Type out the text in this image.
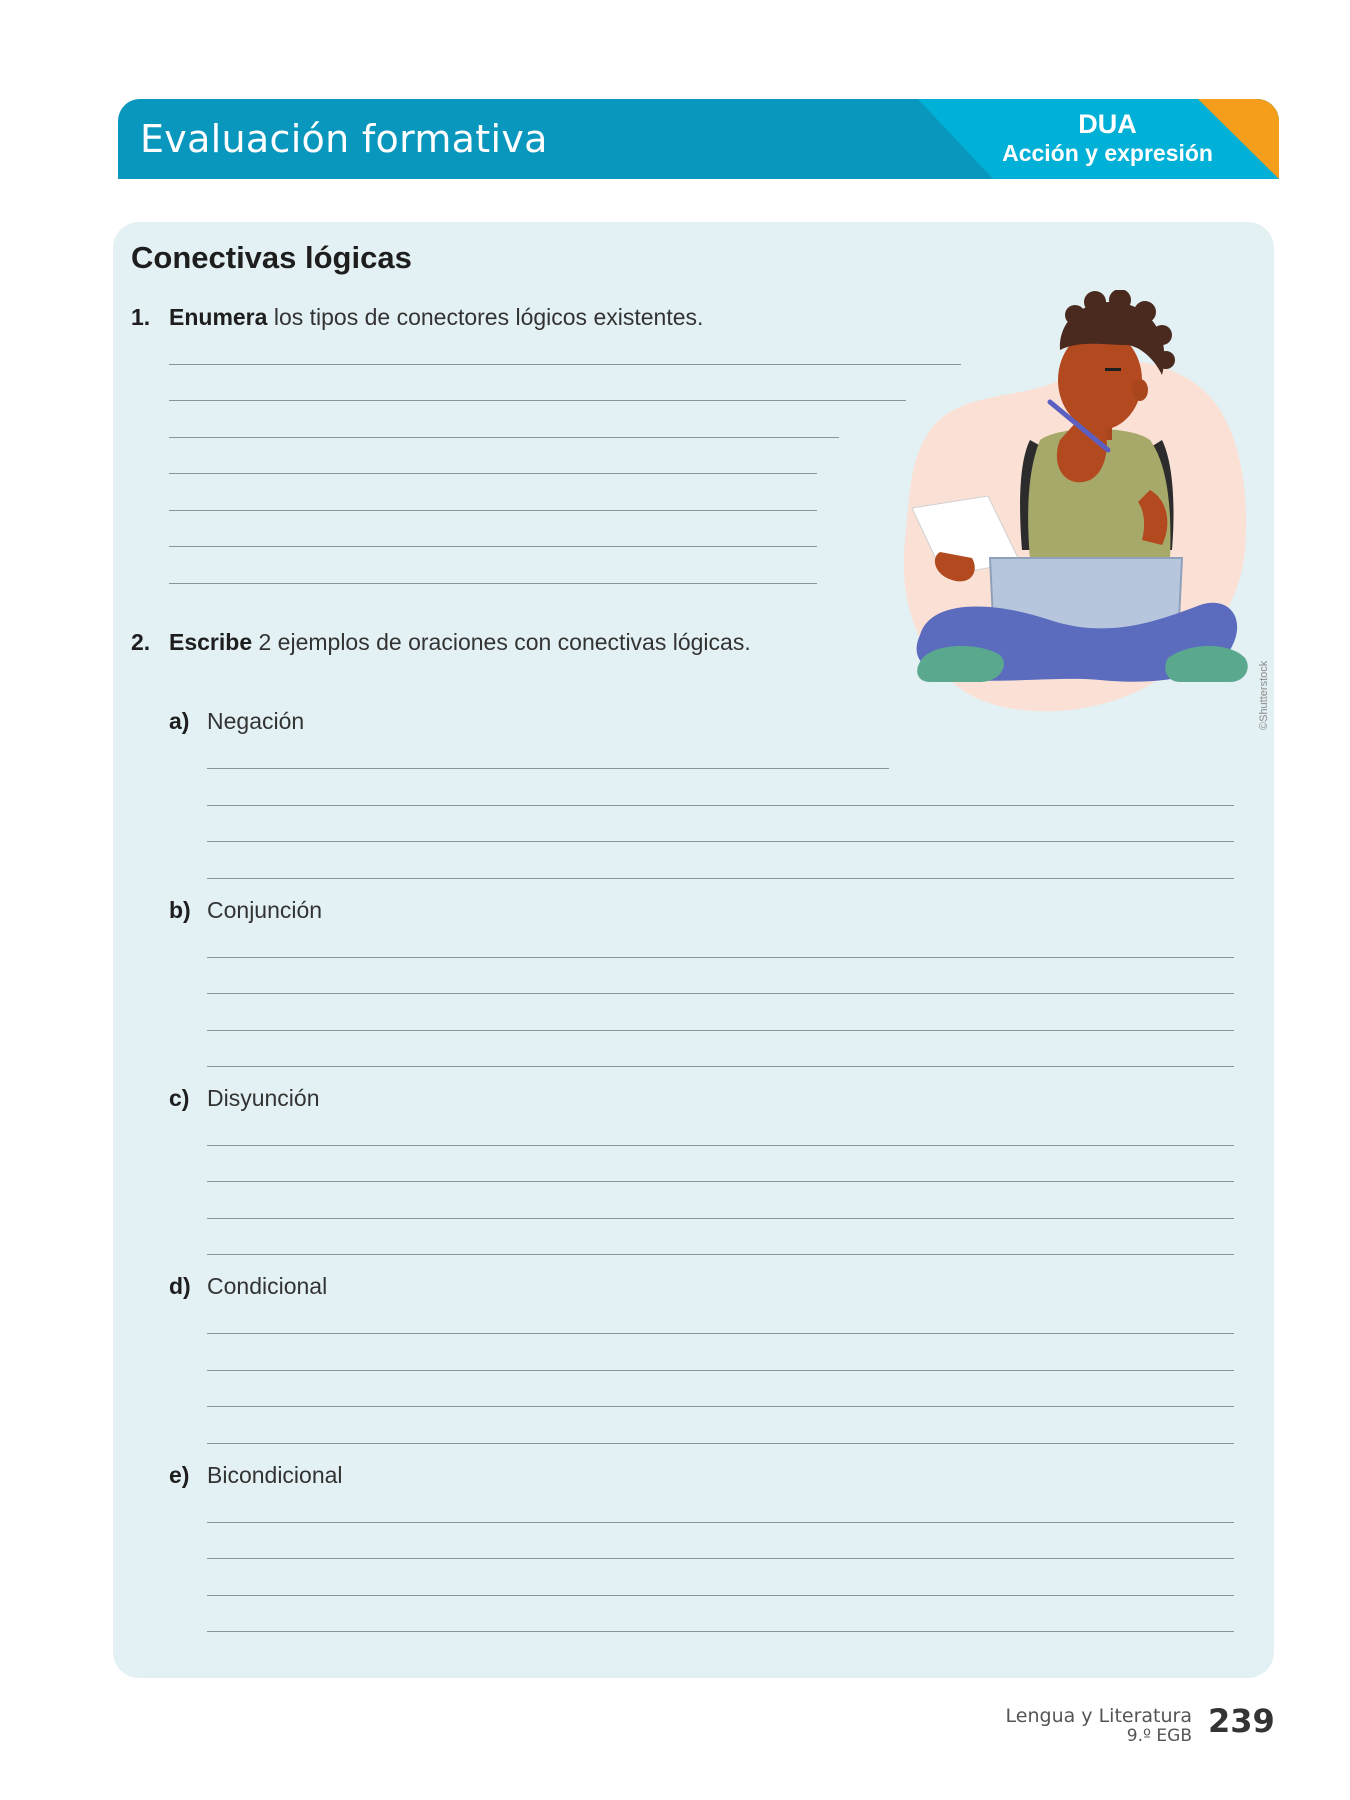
Evaluación formativa	DUA
Acción y expresión
Conectivas lógicas
1. Enumera los tipos de conectores lógicos existentes.
2. Escribe 2 ejemplos de oraciones con conectivas lógicas.
a) Negación
b) Conjunción
c) Disyunción
d) Condicional
e) Bicondicional
©Shutterstock
Lengua y Literatura
9.º EGB 239
